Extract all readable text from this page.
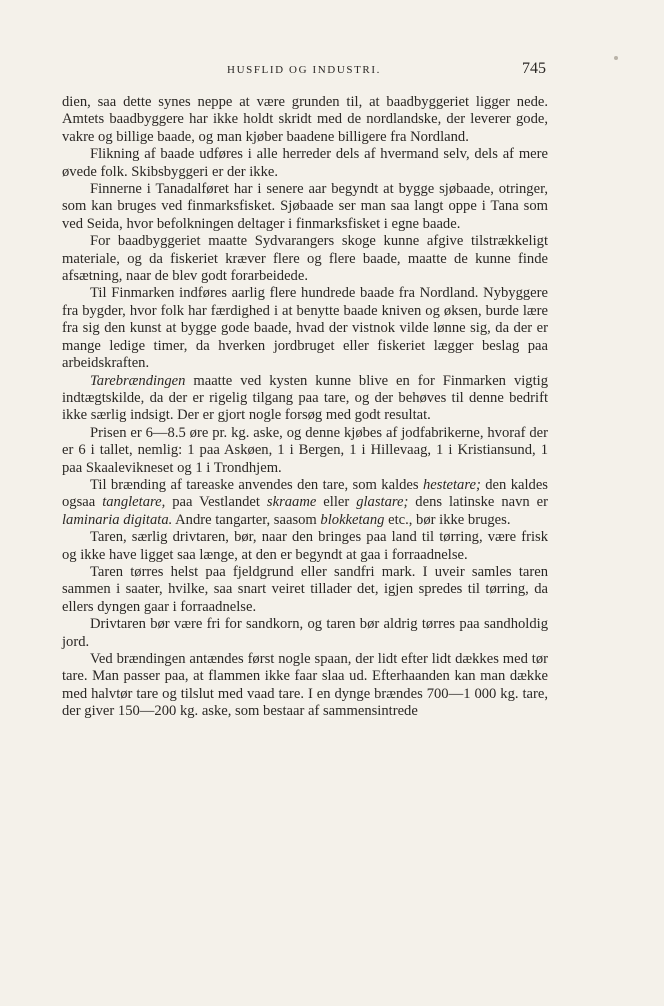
HUSFLID OG INDUSTRI.	745

dien, saa dette synes neppe at være grunden til, at baadbyggeriet ligger nede. Amtets baadbyggere har ikke holdt skridt med de nordlandske, der leverer gode, vakre og billige baade, og man kjøber baadene billigere fra Nordland.

Flikning af baade udføres i alle herreder dels af hvermand selv, dels af mere øvede folk. Skibsbyggeri er der ikke.

Finnerne i Tanadalføret har i senere aar begyndt at bygge sjøbaade, otringer, som kan bruges ved finmarksfisket. Sjøbaade ser man saa langt oppe i Tana som ved Seida, hvor befolkningen deltager i finmarksfisket i egne baade.

For baadbyggeriet maatte Sydvarangers skoge kunne afgive tilstrækkeligt materiale, og da fiskeriet kræver flere og flere baade, maatte de kunne finde afsætning, naar de blev godt forarbeidede.

Til Finmarken indføres aarlig flere hundrede baade fra Nordland. Nybyggere fra bygder, hvor folk har færdighed i at benytte baade kniven og øksen, burde lære fra sig den kunst at bygge gode baade, hvad der vistnok vilde lønne sig, da der er mange ledige timer, da hverken jordbruget eller fiskeriet lægger beslag paa arbeidskraften.

Tarebrændingen maatte ved kysten kunne blive en for Finmarken vigtig indtægtskilde, da der er rigelig tilgang paa tare, og der behøves til denne bedrift ikke særlig indsigt. Der er gjort nogle forsøg med godt resultat.

Prisen er 6—8.5 øre pr. kg. aske, og denne kjøbes af jodfabrikerne, hvoraf der er 6 i tallet, nemlig: 1 paa Askøen, 1 i Bergen, 1 i Hillevaag, 1 i Kristiansund, 1 paa Skaalevikneset og 1 i Trondhjem.

Til brænding af tareaske anvendes den tare, som kaldes hestetare; den kaldes ogsaa tangletare, paa Vestlandet skraame eller glastare; dens latinske navn er laminaria digitata. Andre tangarter, saasom blokketang etc., bør ikke bruges.

Taren, særlig drivtaren, bør, naar den bringes paa land til tørring, være frisk og ikke have ligget saa længe, at den er begyndt at gaa i forraadnelse.

Taren tørres helst paa fjeldgrund eller sandfri mark. I uveir samles taren sammen i saater, hvilke, saa snart veiret tillader det, igjen spredes til tørring, da ellers dyngen gaar i forraadnelse.

Drivtaren bør være fri for sandkorn, og taren bør aldrig tørres paa sandholdig jord.

Ved brændingen antændes først nogle spaan, der lidt efter lidt dækkes med tør tare. Man passer paa, at flammen ikke faar slaa ud. Efterhaanden kan man dække med halvtør tare og tilslut med vaad tare. I en dynge brændes 700—1 000 kg. tare, der giver 150—200 kg. aske, som bestaar af sammensintrede
